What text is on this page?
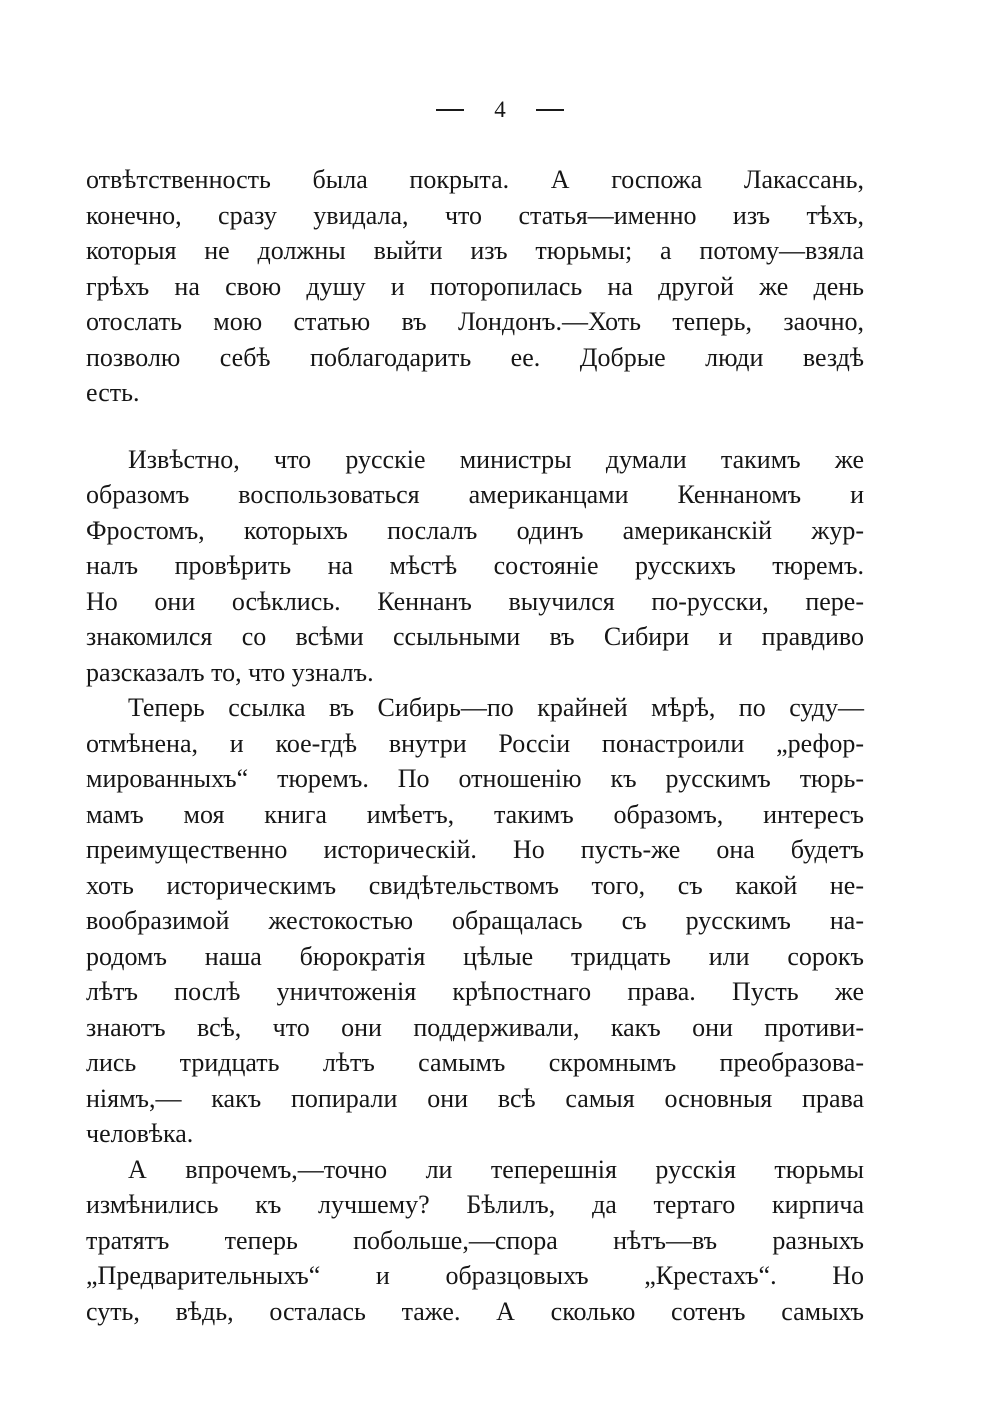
4

отвѣтственность была покрыта. А госпожа Лакассань,
конечно, сразу увидала, что статья—именно изъ тѣхъ,
которыя не должны выйти изъ тюрьмы; а потому—взяла
грѣхъ на свою душу и поторопилась на другой же день
отослать мою статью въ Лондонъ.—Хоть теперь, заочно,
позволю себѣ поблагодарить ее. Добрые люди вездѣ
есть.

Извѣстно, что русскіе министры думали такимъ же
образомъ воспользоваться американцами Кеннаномъ и
Фростомъ, которыхъ послалъ одинъ американскій жур-
налъ провѣрить на мѣстѣ состояніе русскихъ тюремъ.
Но они осѣклись. Кеннанъ выучился по-русски, пере-
знакомился со всѣми ссыльными въ Сибири и правдиво
разсказалъ то, что узналъ.

Теперь ссылка въ Сибирь—по крайней мѣрѣ, по суду—
отмѣнена, и кое-гдѣ внутри Россіи понастроили „рефор-
мированныхъ“ тюремъ. По отношенію къ русскимъ тюрь-
мамъ моя книга имѣетъ, такимъ образомъ, интересъ
преимущественно историческій. Но пусть-же она будетъ
хоть историческимъ свидѣтельствомъ того, съ какой не-
вообразимой жестокостью обращалась съ русскимъ на-
родомъ наша бюрократія цѣлые тридцать или сорокъ
лѣтъ послѣ уничтоженія крѣпостнаго права. Пусть же
знаютъ всѣ, что они поддерживали, какъ они противи-
лись тридцать лѣтъ самымъ скромнымъ преобразова-
ніямъ,— какъ попирали они всѣ самыя основныя права
человѣка.

А впрочемъ,—точно ли теперешнія русскія тюрьмы
измѣнились къ лучшему? Бѣлилъ, да тертаго кирпича
тратятъ теперь побольше,—спора нѣтъ—въ разныхъ
„Предварительныхъ“ и образцовыхъ „Крестахъ“. Но
суть, вѣдь, осталась таже. А сколько сотенъ самыхъ
